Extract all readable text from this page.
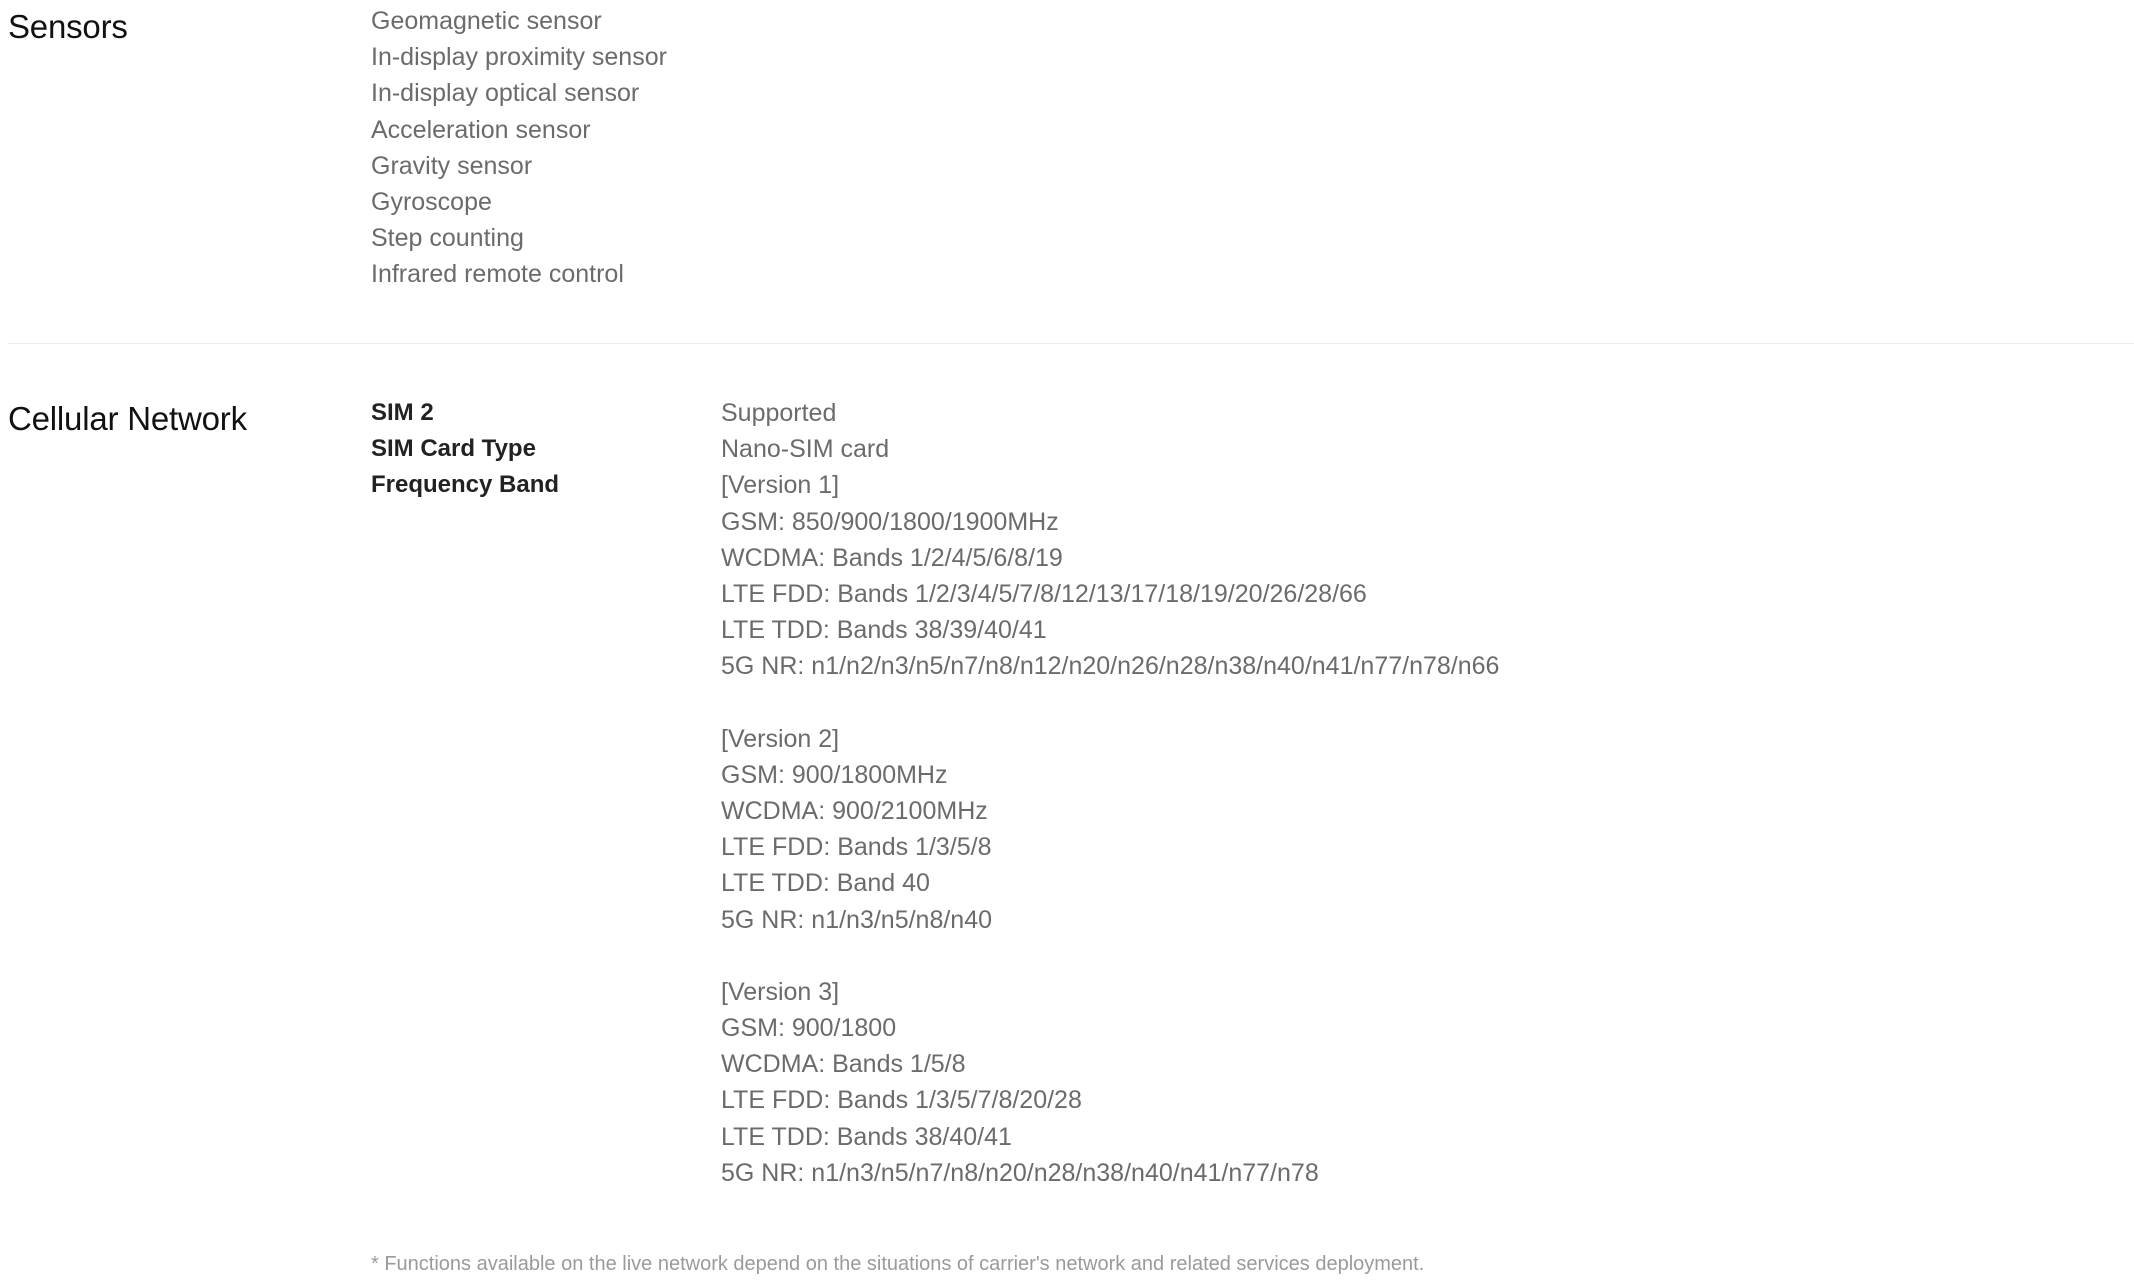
Sensors	Geomagnetic sensor
In-display proximity sensor
In-display optical sensor
Acceleration sensor
Gravity sensor
Gyroscope
Step counting
Infrared remote control
Cellular Network	SIM 2
SIM Card Type
Frequency Band
Supported
Nano-SIM card
[Version 1]
GSM: 850/900/1800/1900MHz
WCDMA: Bands 1/2/4/5/6/8/19
LTE FDD: Bands 1/2/3/4/5/7/8/12/13/17/18/19/20/26/28/66
LTE TDD: Bands 38/39/40/41
5G NR: n1/n2/n3/n5/n7/n8/n12/n20/n26/n28/n38/n40/n41/n77/n78/n66
[Version 2]
GSM: 900/1800MHz
WCDMA: 900/2100MHz
LTE FDD: Bands 1/3/5/8
LTE TDD: Band 40
5G NR: n1/n3/n5/n8/n40
[Version 3]
GSM: 900/1800
WCDMA: Bands 1/5/8
LTE FDD: Bands 1/3/5/7/8/20/28
LTE TDD: Bands 38/40/41
5G NR: n1/n3/n5/n7/n8/n20/n28/n38/n40/n41/n77/n78
* Functions available on the live network depend on the situations of carrier's network and related services deployment.
